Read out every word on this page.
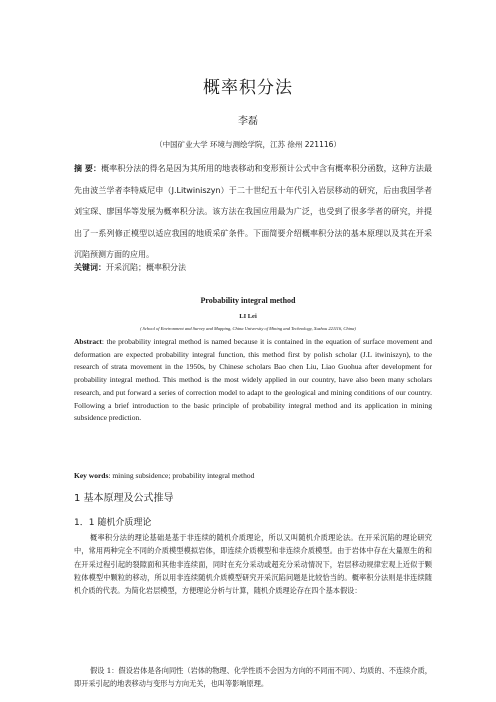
概率积分法
李磊
（中国矿业大学 环境与测绘学院，江苏 徐州 221116）
摘 要：概率积分法的得名是因为其所用的地表移动和变形预计公式中含有概率积分函数，这种方法最先由波兰学者李特威尼申（J.Litwiniszyn）于二十世纪五十年代引入岩层移动的研究，后由我国学者刘宝琛、廖国华等发展为概率积分法。该方法在我国应用最为广泛，也受到了很多学者的研究，并提出了一系列修正模型以适应我国的地质采矿条件。下面简要介绍概率积分法的基本原理以及其在开采沉陷预测方面的应用。
关键词：开采沉陷；概率积分法
Probability integral method
LI Lei
( School of Environment and Survey and Mapping, China University of Mining and Technology, Xuzhou 221116, China)
Abstract: the probability integral method is named because it is contained in the equation of surface movement and deformation are expected probability integral function, this method first by polish scholar (J.L itwiniszyn), to the research of strata movement in the 1950s, by Chinese scholars Bao chen Liu, Liao Guohua after development for probability integral method. This method is the most widely applied in our country, have also been many scholars research, and put forward a series of correction model to adapt to the geological and mining conditions of our country. Following a brief introduction to the basic principle of probability integral method and its application in mining subsidence prediction.
Key words: mining subsidence; probability integral method
1 基本原理及公式推导
1．1 随机介质理论

概率积分法的理论基础是基于非连续的随机介质理论，所以又叫随机介质理论法。在开采沉陷的理论研究中，常用两种完全不同的介质模型模拟岩体，即连续介质模型和非连续介质模型。由于岩体中存在大量原生的和在开采过程引起的裂隙面和其他非连续面，同时在充分采动或超充分采动情况下，岩层移动规律宏观上近似于颗粒体模型中颗粒的移动，所以用非连续随机介质模型研究开采沉陷问题是比较恰当的。概率积分法则是非连续随机介质的代表。为简化岩层模型，方便理论分析与计算，随机介质理论存在四个基本假设：

假设 1：假设岩体是各向同性（岩体的物理、化学性质不会因为方向的不同而不同）、均质的、不连续介质，即开采引起的地表移动与变形与方向无关，也叫等影响原理。
